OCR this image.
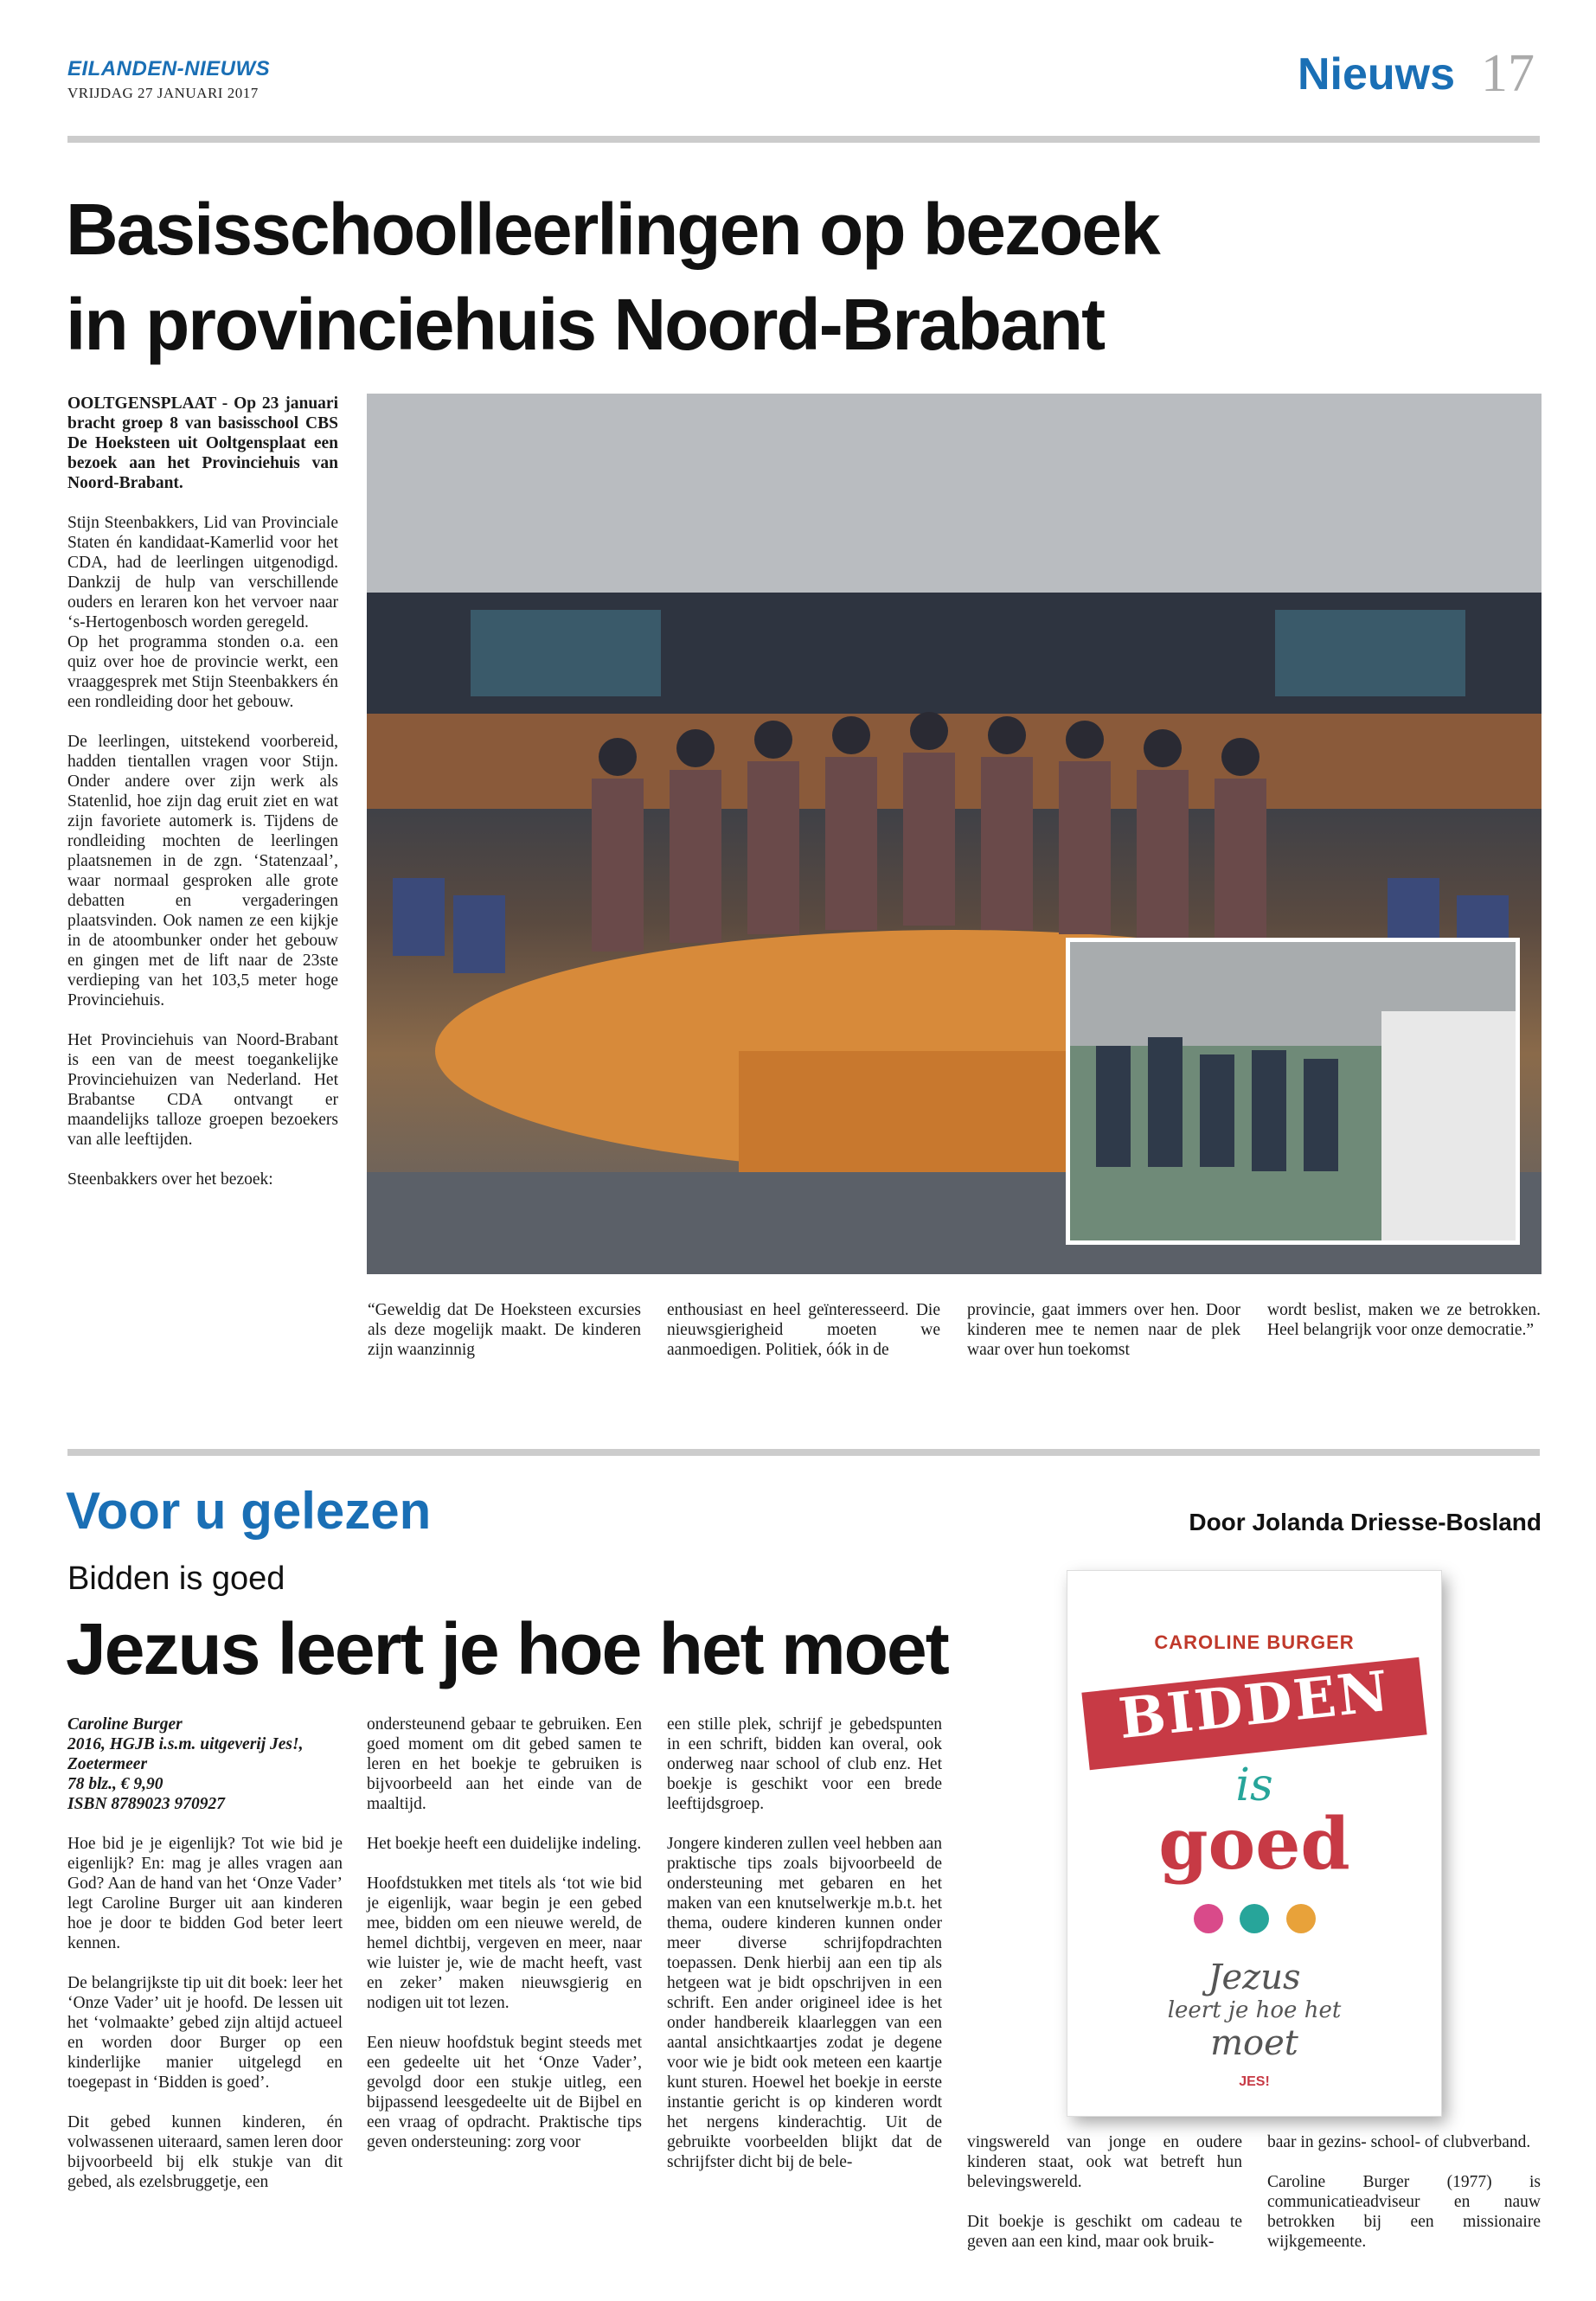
EILANDEN-NIEUWS
VRIJDAG 27 JANUARI 2017	Nieuws 17
Basisschoolleerlingen op bezoek
in provinciehuis Noord-Brabant

OOLTGENSPLAAT - Op 23 januari bracht groep 8 van basisschool CBS De Hoeksteen uit Ooltgensplaat een bezoek aan het Provinciehuis van Noord-Brabant.

Stijn Steenbakkers, Lid van Provinciale Staten én kandidaat-Kamerlid voor het CDA, had de leerlingen uitgenodigd. Dankzij de hulp van verschillende ouders en leraren kon het vervoer naar ‘s-Hertogenbosch worden geregeld.

Op het programma stonden o.a. een quiz over hoe de provincie werkt, een vraaggesprek met Stijn Steenbakkers én een rondleiding door het gebouw.

De leerlingen, uitstekend voorbereid, hadden tientallen vragen voor Stijn. Onder andere over zijn werk als Statenlid, hoe zijn dag eruit ziet en wat zijn favoriete automerk is. Tijdens de rondleiding mochten de leerlingen plaatsnemen in de zgn. ‘Statenzaal’, waar normaal gesproken alle grote debatten en vergaderingen plaatsvinden. Ook namen ze een kijkje in de atoombunker onder het gebouw en gingen met de lift naar de 23ste verdieping van het 103,5 meter hoge Provinciehuis.

Het Provinciehuis van Noord-Brabant is een van de meest toegankelijke Provinciehuizen van Nederland. Het Brabantse CDA ontvangt er maandelijks talloze groepen bezoekers van alle leeftijden.

Steenbakkers over het bezoek:

“Geweldig dat De Hoeksteen excursies als deze mogelijk maakt. De kinderen zijn waanzinnig
enthousiast en heel geïnteresseerd. Die nieuwsgierigheid moeten we aanmoedigen. Politiek, óók in de
provincie, gaat immers over hen. Door kinderen mee te nemen naar de plek waar over hun toekomst
wordt beslist, maken we ze betrokken. Heel belangrijk voor onze democratie.”
Voor u gelezen	Door Jolanda Driesse-Bosland
Bidden is goed
Jezus leert je hoe het moet

Caroline Burger
2016, HGJB i.s.m. uitgeverij Jes!,
Zoetermeer
78 blz., € 9,90
ISBN 8789023 970927

Hoe bid je je eigenlijk? Tot wie bid je eigenlijk? En: mag je alles vragen aan God? Aan de hand van het ‘Onze Vader’ legt Caroline Burger uit aan kinderen hoe je door te bidden God beter leert kennen.

De belangrijkste tip uit dit boek: leer het ‘Onze Vader’ uit je hoofd. De lessen uit het ‘volmaakte’ gebed zijn altijd actueel en worden door Burger op een kinderlijke manier uitgelegd en toegepast in ‘Bidden is goed’.

Dit gebed kunnen kinderen, én volwassenen uiteraard, samen leren door bijvoorbeeld bij elk stukje van dit gebed, als ezelsbruggetje, een

ondersteunend gebaar te gebruiken. Een goed moment om dit gebed samen te leren en het boekje te gebruiken is bijvoorbeeld aan het einde van de maaltijd.

Het boekje heeft een duidelijke indeling.

Hoofdstukken met titels als ‘tot wie bid je eigenlijk, waar begin je een gebed mee, bidden om een nieuwe wereld, de hemel dichtbij, vergeven en meer, naar wie luister je, wie de macht heeft, vast en zeker’ maken nieuwsgierig en nodigen uit tot lezen.

Een nieuw hoofdstuk begint steeds met een gedeelte uit het ‘Onze Vader’, gevolgd door een stukje uitleg, een bijpassend leesgedeelte uit de Bijbel en een vraag of opdracht. Praktische tips geven ondersteuning: zorg voor

een stille plek, schrijf je gebedspunten in een schrift, bidden kan overal, ook onderweg naar school of club enz. Het boekje is geschikt voor een brede leeftijdsgroep.

Jongere kinderen zullen veel hebben aan praktische tips zoals bijvoorbeeld de ondersteuning met gebaren en het maken van een knutselwerkje m.b.t. het thema, oudere kinderen kunnen onder meer diverse schrijfopdrachten toepassen. Denk hierbij aan een tip als hetgeen wat je bidt opschrijven in een schrift. Een ander origineel idee is het onder handbereik klaarleggen van een aantal ansichtkaartjes zodat je degene voor wie je bidt ook meteen een kaartje kunt sturen. Hoewel het boekje in eerste instantie gericht is op kinderen wordt het nergens kinderachtig. Uit de gebruikte voorbeelden blijkt dat de schrijfster dicht bij de bele-

vingswereld van jonge en oudere kinderen staat, ook wat betreft hun belevingswereld.

Dit boekje is geschikt om cadeau te geven aan een kind, maar ook bruik-

baar in gezins- school- of clubverband.

Caroline Burger (1977) is communicatieadviseur en nauw betrokken bij een missionaire wijkgemeente.

CAROLINE BURGER
BIDDEN
is
goed

Jezus
leert je hoe het
moet
JES!
